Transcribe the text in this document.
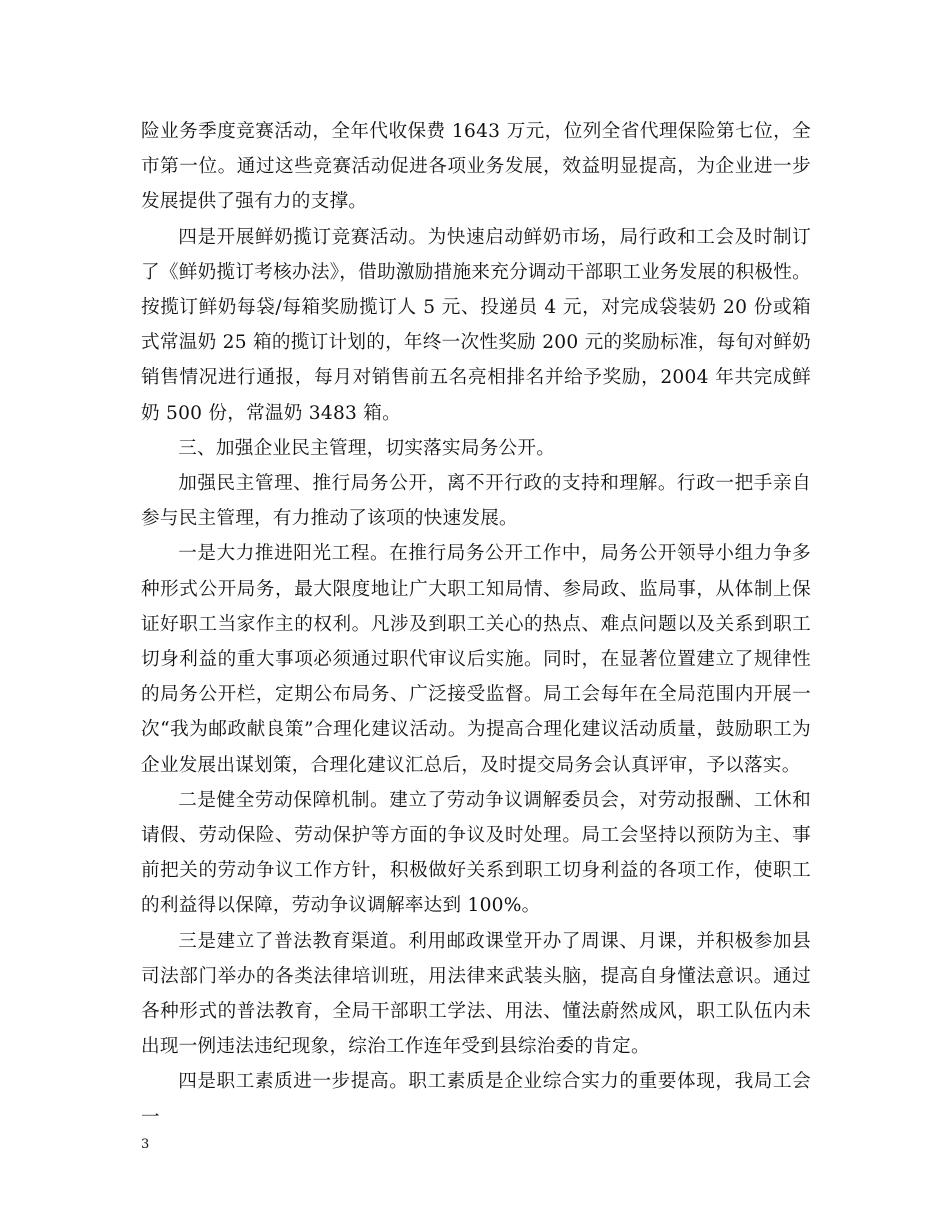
险业务季度竞赛活动，全年代收保费 1643 万元，位列全省代理保险第七位，全市第一位。通过这些竞赛活动促进各项业务发展，效益明显提高，为企业进一步发展提供了强有力的支撑。

四是开展鲜奶揽订竞赛活动。为快速启动鲜奶市场，局行政和工会及时制订了《鲜奶揽订考核办法》，借助激励措施来充分调动干部职工业务发展的积极性。按揽订鲜奶每袋/每箱奖励揽订人 5 元、投递员 4 元，对完成袋装奶 20 份或箱式常温奶 25 箱的揽订计划的，年终一次性奖励 200 元的奖励标准，每旬对鲜奶销售情况进行通报，每月对销售前五名亮相排名并给予奖励，2004 年共完成鲜奶 500 份，常温奶 3483 箱。

三、加强企业民主管理，切实落实局务公开。

加强民主管理、推行局务公开，离不开行政的支持和理解。行政一把手亲自参与民主管理，有力推动了该项的快速发展。

一是大力推进阳光工程。在推行局务公开工作中，局务公开领导小组力争多种形式公开局务，最大限度地让广大职工知局情、参局政、监局事，从体制上保证好职工当家作主的权利。凡涉及到职工关心的热点、难点问题以及关系到职工切身利益的重大事项必须通过职代审议后实施。同时，在显著位置建立了规律性的局务公开栏，定期公布局务、广泛接受监督。局工会每年在全局范围内开展一次“我为邮政献良策”合理化建议活动。为提高合理化建议活动质量，鼓励职工为企业发展出谋划策，合理化建议汇总后，及时提交局务会认真评审，予以落实。

二是健全劳动保障机制。建立了劳动争议调解委员会，对劳动报酬、工休和请假、劳动保险、劳动保护等方面的争议及时处理。局工会坚持以预防为主、事前把关的劳动争议工作方针，积极做好关系到职工切身利益的各项工作，使职工的利益得以保障，劳动争议调解率达到 100%。

三是建立了普法教育渠道。利用邮政课堂开办了周课、月课，并积极参加县司法部门举办的各类法律培训班，用法律来武装头脑，提高自身懂法意识。通过各种形式的普法教育，全局干部职工学法、用法、懂法蔚然成风，职工队伍内未出现一例违法违纪现象，综治工作连年受到县综治委的肯定。

四是职工素质进一步提高。职工素质是企业综合实力的重要体现，我局工会一

3
